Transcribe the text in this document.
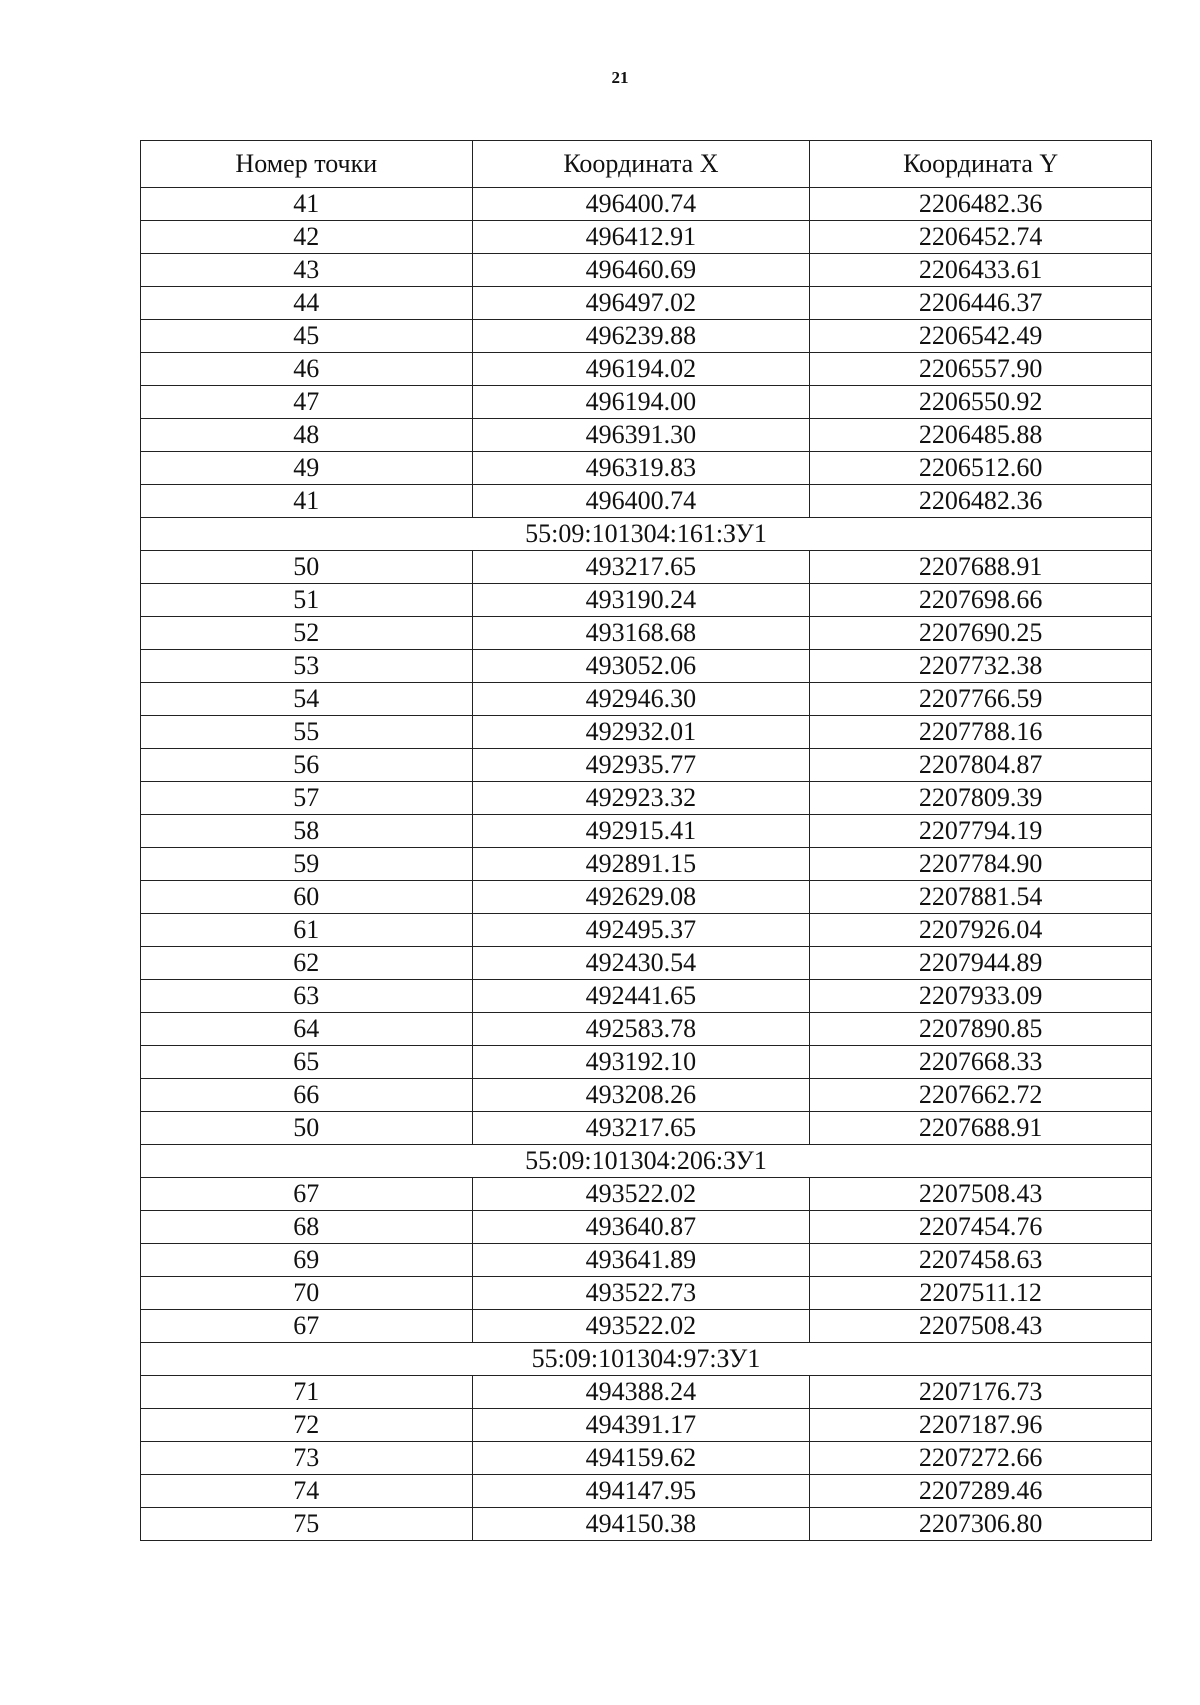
21
Номер точки	Координата X	Координата Y
41	496400.74	2206482.36
42	496412.91	2206452.74
43	496460.69	2206433.61
44	496497.02	2206446.37
45	496239.88	2206542.49
46	496194.02	2206557.90
47	496194.00	2206550.92
48	496391.30	2206485.88
49	496319.83	2206512.60
41	496400.74	2206482.36
55:09:101304:161:ЗУ1		
50	493217.65	2207688.91
51	493190.24	2207698.66
52	493168.68	2207690.25
53	493052.06	2207732.38
54	492946.30	2207766.59
55	492932.01	2207788.16
56	492935.77	2207804.87
57	492923.32	2207809.39
58	492915.41	2207794.19
59	492891.15	2207784.90
60	492629.08	2207881.54
61	492495.37	2207926.04
62	492430.54	2207944.89
63	492441.65	2207933.09
64	492583.78	2207890.85
65	493192.10	2207668.33
66	493208.26	2207662.72
50	493217.65	2207688.91
55:09:101304:206:ЗУ1		
67	493522.02	2207508.43
68	493640.87	2207454.76
69	493641.89	2207458.63
70	493522.73	2207511.12
67	493522.02	2207508.43
55:09:101304:97:ЗУ1		
71	494388.24	2207176.73
72	494391.17	2207187.96
73	494159.62	2207272.66
74	494147.95	2207289.46
75	494150.38	2207306.80
